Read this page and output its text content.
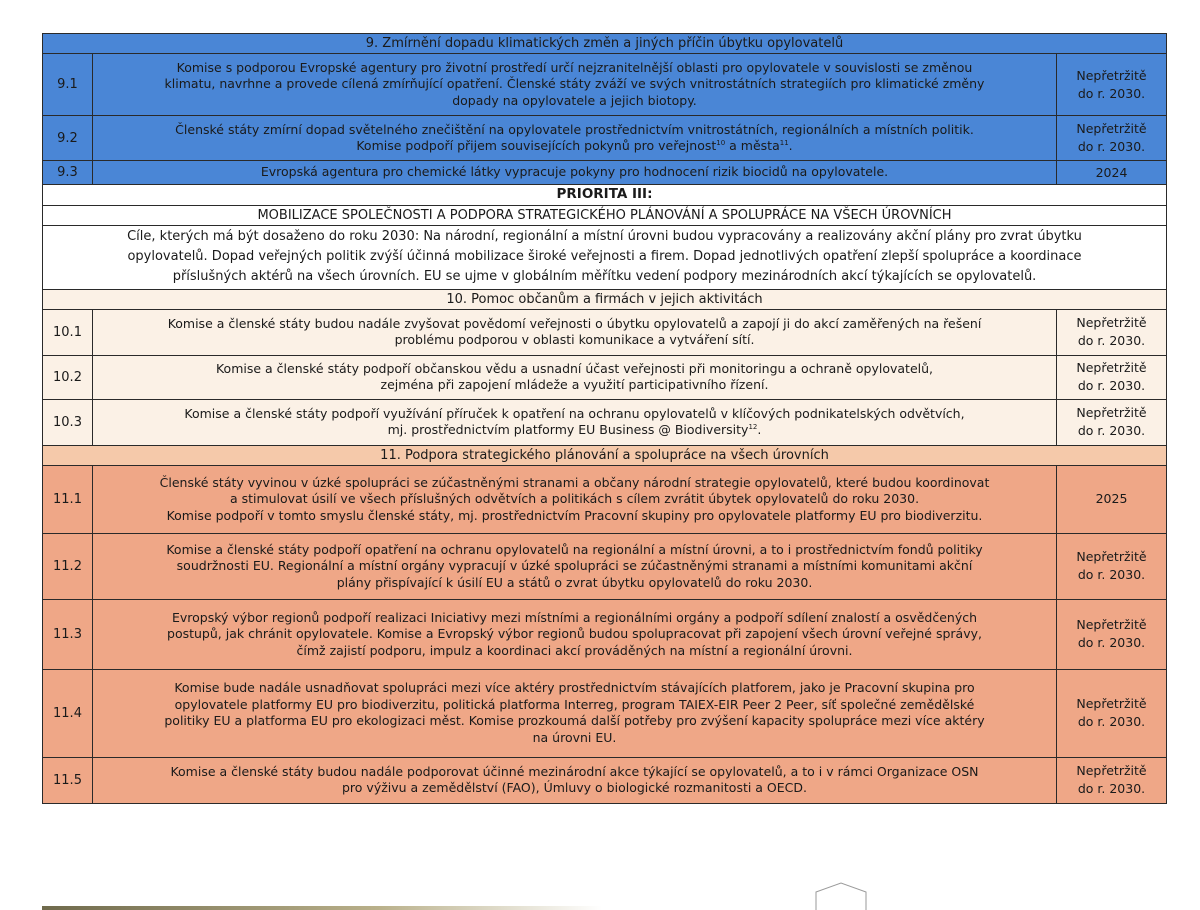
9. Zmírnění dopadu klimatických změn a jiných příčin úbytku opylovatelů		
9.1	Komise s podporou Evropské agentury pro životní prostředí určí nejzranitelnější oblasti pro opylovatele v souvislosti se změnou
klimatu, navrhne a provede cílená zmírňující opatření. Členské státy zváží ve svých vnitrostátních strategiích pro klimatické změny
dopady na opylovatele a jejich biotopy.	Nepřetržitě
do r. 2030.
9.2	Členské státy zmírní dopad světelného znečištění na opylovatele prostřednictvím vnitrostátních, regionálních a místních politik.
Komise podpoří přijem souvisejících pokynů pro veřejnost$^{10}$ a města$^{11}$.	Nepřetržitě
do r. 2030.
9.3	Evropská agentura pro chemické látky vypracuje pokyny pro hodnocení rizik biocidů na opylovatele.	2024
PRIORITA III:		
MOBILIZACE SPOLEČNOSTI A PODPORA STRATEGICKÉHO PLÁNOVÁNÍ A SPOLUPRÁCE NA VŠECH ÚROVNÍCH		
Cíle, kterých má být dosaženo do roku 2030: Na národní, regionální a místní úrovni budou vypracovány a realizovány akční plány pro zvrat úbytku
opylovatelů. Dopad veřejných politik zvýší účinná mobilizace široké veřejnosti a firem. Dopad jednotlivých opatření zlepší spolupráce a koordinace
příslušných aktérů na všech úrovních. EU se ujme v globálním měřítku vedení podpory mezinárodních akcí týkajících se opylovatelů.		
10. Pomoc občanům a firmách v jejich aktivitách		
10.1	Komise a členské státy budou nadále zvyšovat povědomí veřejnosti o úbytku opylovatelů a zapojí ji do akcí zaměřených na řešení
problému podporou v oblasti komunikace a vytváření sítí.	Nepřetržitě
do r. 2030.
10.2	Komise a členské státy podpoří občanskou vědu a usnadní účast veřejnosti při monitoringu a ochraně opylovatelů,
zejména při zapojení mládeže a využití participativního řízení.	Nepřetržitě
do r. 2030.
10.3	Komise a členské státy podpoří využívání příruček k opatření na ochranu opylovatelů v klíčových podnikatelských odvětvích,
mj. prostřednictvím platformy EU Business @ Biodiversity$^{12}$.	Nepřetržitě
do r. 2030.
11. Podpora strategického plánování a spolupráce na všech úrovních		
11.1	Členské státy vyvinou v úzké spolupráci se zúčastněnými stranami a občany národní strategie opylovatelů, které budou koordinovat
a stimulovat úsilí ve všech příslušných odvětvích a politikách s cílem zvrátit úbytek opylovatelů do roku 2030.
Komise podpoří v tomto smyslu členské státy, mj. prostřednictvím Pracovní skupiny pro opylovatele platformy EU pro biodiverzitu.	2025
11.2	Komise a členské státy podpoří opatření na ochranu opylovatelů na regionální a místní úrovni, a to i prostřednictvím fondů politiky
soudržnosti EU. Regionální a místní orgány vypracují v úzké spolupráci se zúčastněnými stranami a místními komunitami akční
plány přispívající k úsilí EU a států o zvrat úbytku opylovatelů do roku 2030.	Nepřetržitě
do r. 2030.
11.3	Evropský výbor regionů podpoří realizaci Iniciativy mezi místními a regionálními orgány a podpoří sdílení znalostí a osvědčených
postupů, jak chránit opylovatele. Komise a Evropský výbor regionů budou spolupracovat při zapojení všech úrovní veřejné správy,
čímž zajistí podporu, impulz a koordinaci akcí prováděných na místní a regionální úrovni.	Nepřetržitě
do r. 2030.
11.4	Komise bude nadále usnadňovat spolupráci mezi více aktéry prostřednictvím stávajících platforem, jako je Pracovní skupina pro
opylovatele platformy EU pro biodiverzitu, politická platforma Interreg, program TAIEX-EIR Peer 2 Peer, síť společné zemědělské
politiky EU a platforma EU pro ekologizaci měst. Komise prozkoumá další potřeby pro zvýšení kapacity spolupráce mezi více aktéry
na úrovni EU.	Nepřetržitě
do r. 2030.
11.5	Komise a členské státy budou nadále podporovat účinné mezinárodní akce týkající se opylovatelů, a to i v rámci Organizace OSN
pro výživu a zemědělství (FAO), Úmluvy o biologické rozmanitosti a OECD.	Nepřetržitě
do r. 2030.
